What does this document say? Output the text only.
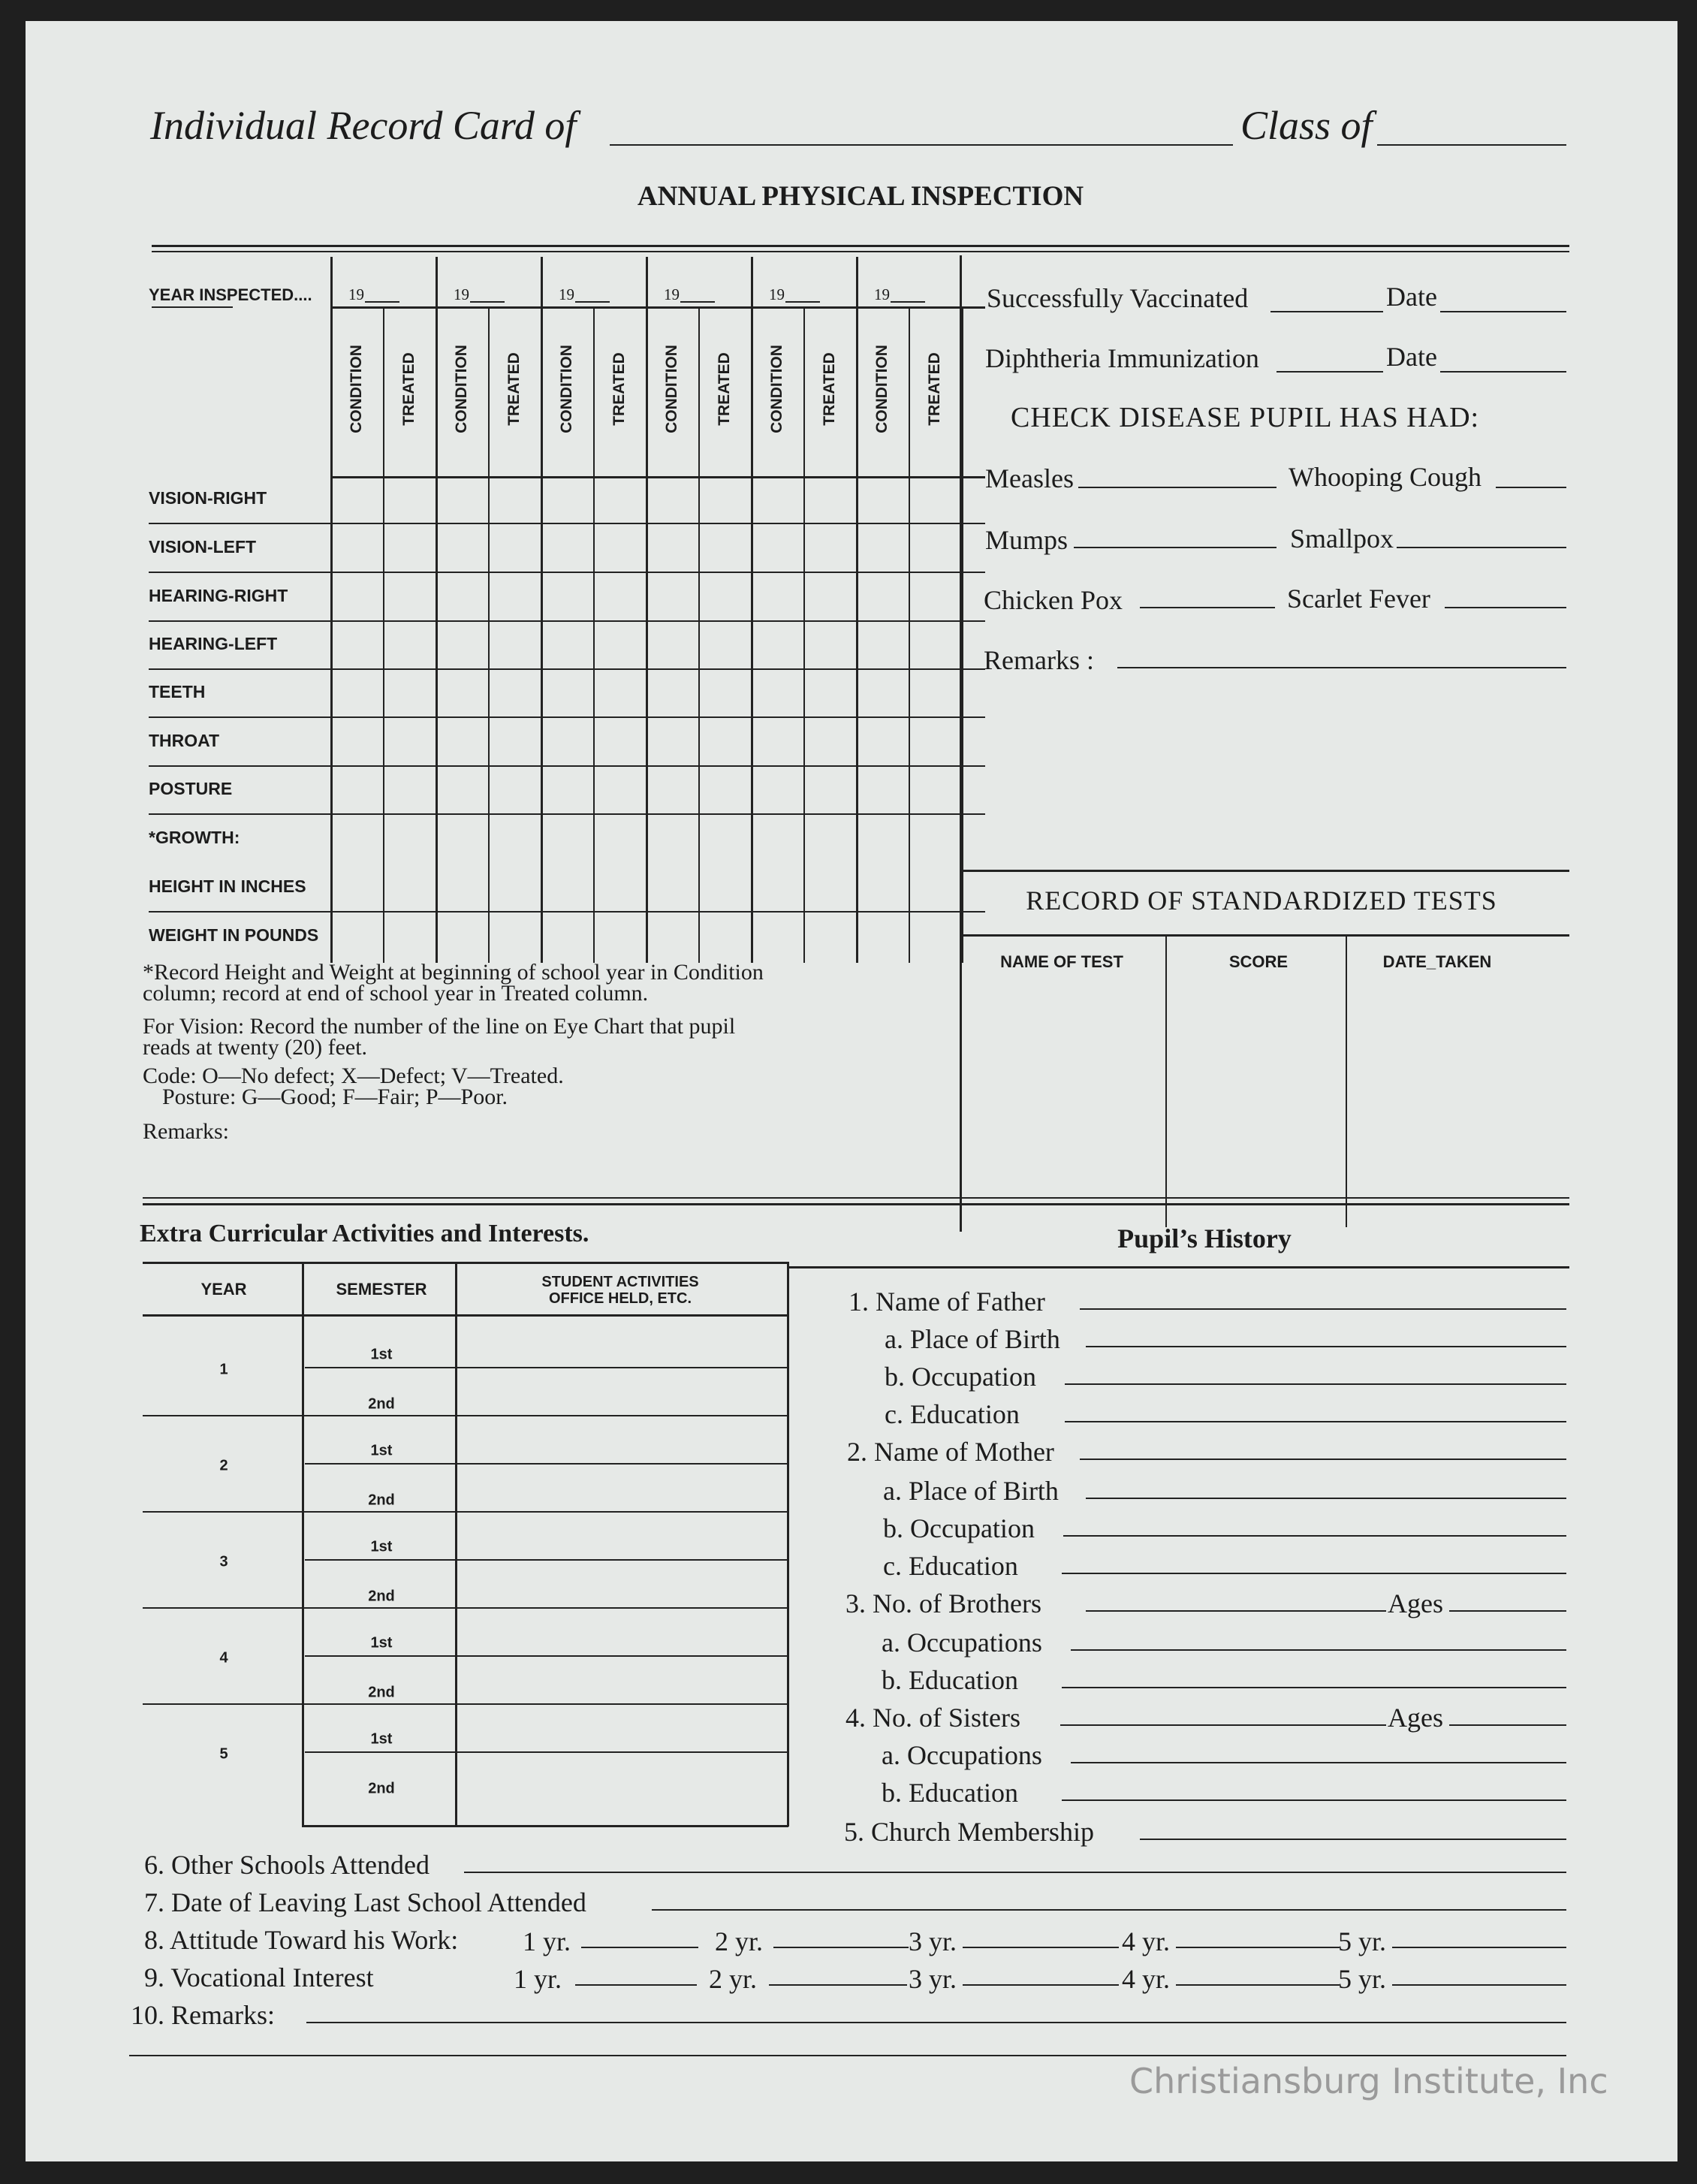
Individual Record Card of	Class of
ANNUAL PHYSICAL INSPECTION
YEAR INSPECTED.... 19	19	19	19	19	19
CONDITION TREATED CONDITION TREATED CONDITION TREATED CONDITION TREATED CONDITION TREATED CONDITION TREATED
VISION-RIGHT
VISION-LEFT
HEARING-RIGHT
HEARING-LEFT
TEETH
THROAT
POSTURE
*GROWTH:
HEIGHT IN INCHES
WEIGHT IN POUNDS
*Record Height and Weight at beginning of school year in Condition
column; record at end of school year in Treated column.
For Vision: Record the number of the line on Eye Chart that pupil
reads at twenty (20) feet.
Code: O—No defect; X—Defect; V—Treated.
Posture: G—Good; F—Fair; P—Poor.
Remarks:
Successfully Vaccinated	Date
Diphtheria Immunization	Date
CHECK DISEASE PUPIL HAS HAD:
Measles	Whooping Cough
Mumps	Smallpox
Chicken Pox	Scarlet Fever
Remarks :
RECORD OF STANDARDIZED TESTS
NAME OF TEST	SCORE	DATE_TAKEN
Extra Curricular Activities and Interests.
YEAR	SEMESTER	STUDENT ACTIVITIES
OFFICE HELD, ETC.
1
1st
2nd
2
1st
2nd
3
1st
2nd
4
1st
2nd
5
1st
2nd
Pupil’s History
1. Name of Father
a. Place of Birth
b. Occupation
c. Education
2. Name of Mother
a. Place of Birth
b. Occupation
c. Education
3. No. of Brothers	Ages
a. Occupations
b. Education
4. No. of Sisters	Ages
a. Occupations
b. Education
5. Church Membership
6. Other Schools Attended
7. Date of Leaving Last School Attended
8. Attitude Toward his Work: 1 yr.	2 yr.	3 yr.	4 yr.	5 yr.
9. Vocational Interest	1 yr.	2 yr.	3 yr.	4 yr.	5 yr.
10. Remarks:
Christiansburg Institute, Inc
